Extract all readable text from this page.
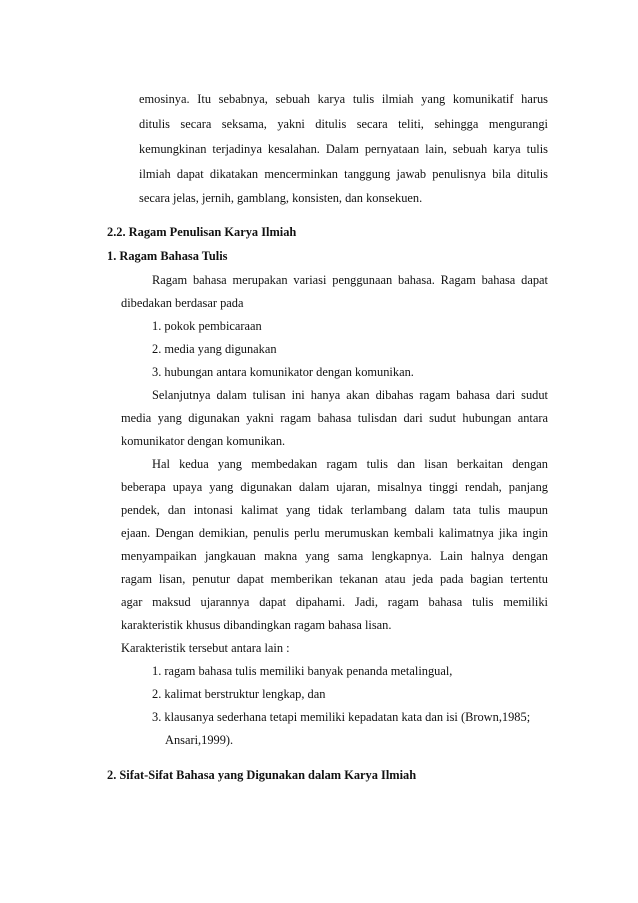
emosinya. Itu sebabnya, sebuah karya tulis ilmiah yang komunikatif harus
ditulis secara seksama, yakni ditulis secara teliti, sehingga mengurangi
kemungkinan terjadinya kesalahan. Dalam pernyataan lain, sebuah karya tulis
ilmiah dapat dikatakan mencerminkan tanggung jawab penulisnya bila ditulis
secara jelas, jernih, gamblang, konsisten, dan konsekuen.
2.2. Ragam Penulisan Karya Ilmiah
1. Ragam Bahasa Tulis
Ragam bahasa merupakan variasi penggunaan bahasa. Ragam bahasa dapat
dibedakan berdasar pada
1. pokok pembicaraan
2. media yang digunakan
3. hubungan antara komunikator dengan komunikan.
Selanjutnya dalam tulisan ini hanya akan dibahas ragam bahasa dari sudut
media yang digunakan yakni ragam bahasa tulisdan dari sudut hubungan antara
komunikator dengan komunikan.
Hal kedua yang membedakan ragam tulis dan lisan berkaitan dengan
beberapa upaya yang digunakan dalam ujaran, misalnya tinggi rendah, panjang
pendek, dan intonasi kalimat yang tidak terlambang dalam tata tulis maupun
ejaan. Dengan demikian, penulis perlu merumuskan kembali kalimatnya jika ingin
menyampaikan jangkauan makna yang sama lengkapnya. Lain halnya dengan
ragam lisan, penutur dapat memberikan tekanan atau jeda pada bagian tertentu
agar maksud ujarannya dapat dipahami. Jadi, ragam bahasa tulis memiliki
karakteristik khusus dibandingkan ragam bahasa lisan.
Karakteristik tersebut antara lain :
1. ragam bahasa tulis memiliki banyak penanda metalingual,
2. kalimat berstruktur lengkap, dan
3. klausanya sederhana tetapi memiliki kepadatan kata dan isi (Brown,1985;
Ansari,1999).
2. Sifat-Sifat Bahasa yang Digunakan dalam Karya Ilmiah
